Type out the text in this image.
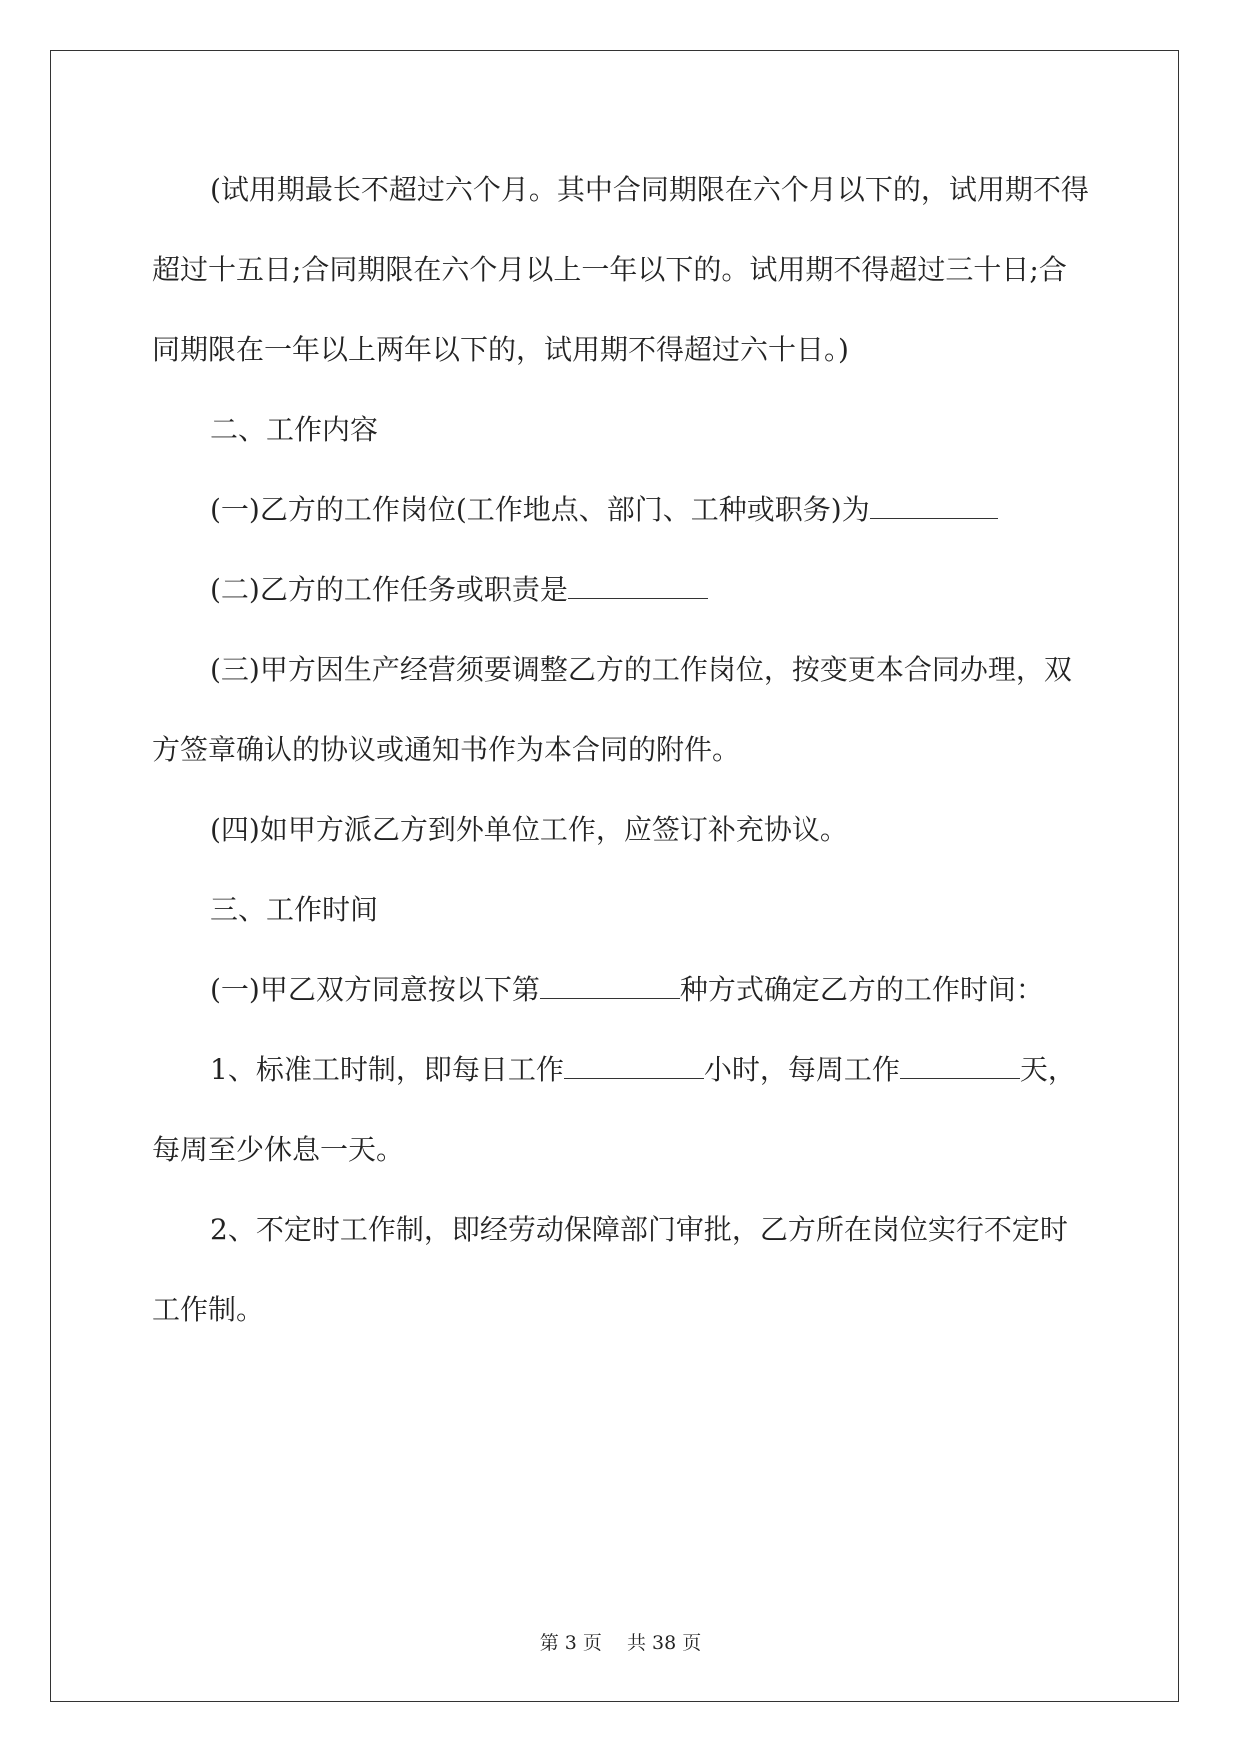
(试用期最长不超过六个月。其中合同期限在六个月以下的，试用期不得超过十五日;合同期限在六个月以上一年以下的。试用期不得超过三十日;合同期限在一年以上两年以下的，试用期不得超过六十日。)

二、工作内容

(一)乙方的工作岗位(工作地点、部门、工种或职务)为

(二)乙方的工作任务或职责是

(三)甲方因生产经营须要调整乙方的工作岗位，按变更本合同办理，双方签章确认的协议或通知书作为本合同的附件。

(四)如甲方派乙方到外单位工作，应签订补充协议。

三、工作时间

(一)甲乙双方同意按以下第	种方式确定乙方的工作时间：

1、标准工时制，即每日工作	小时，每周工作	天，每周至少休息一天。

2、不定时工作制，即经劳动保障部门审批，乙方所在岗位实行不定时工作制。

第 3 页　 共 38 页
